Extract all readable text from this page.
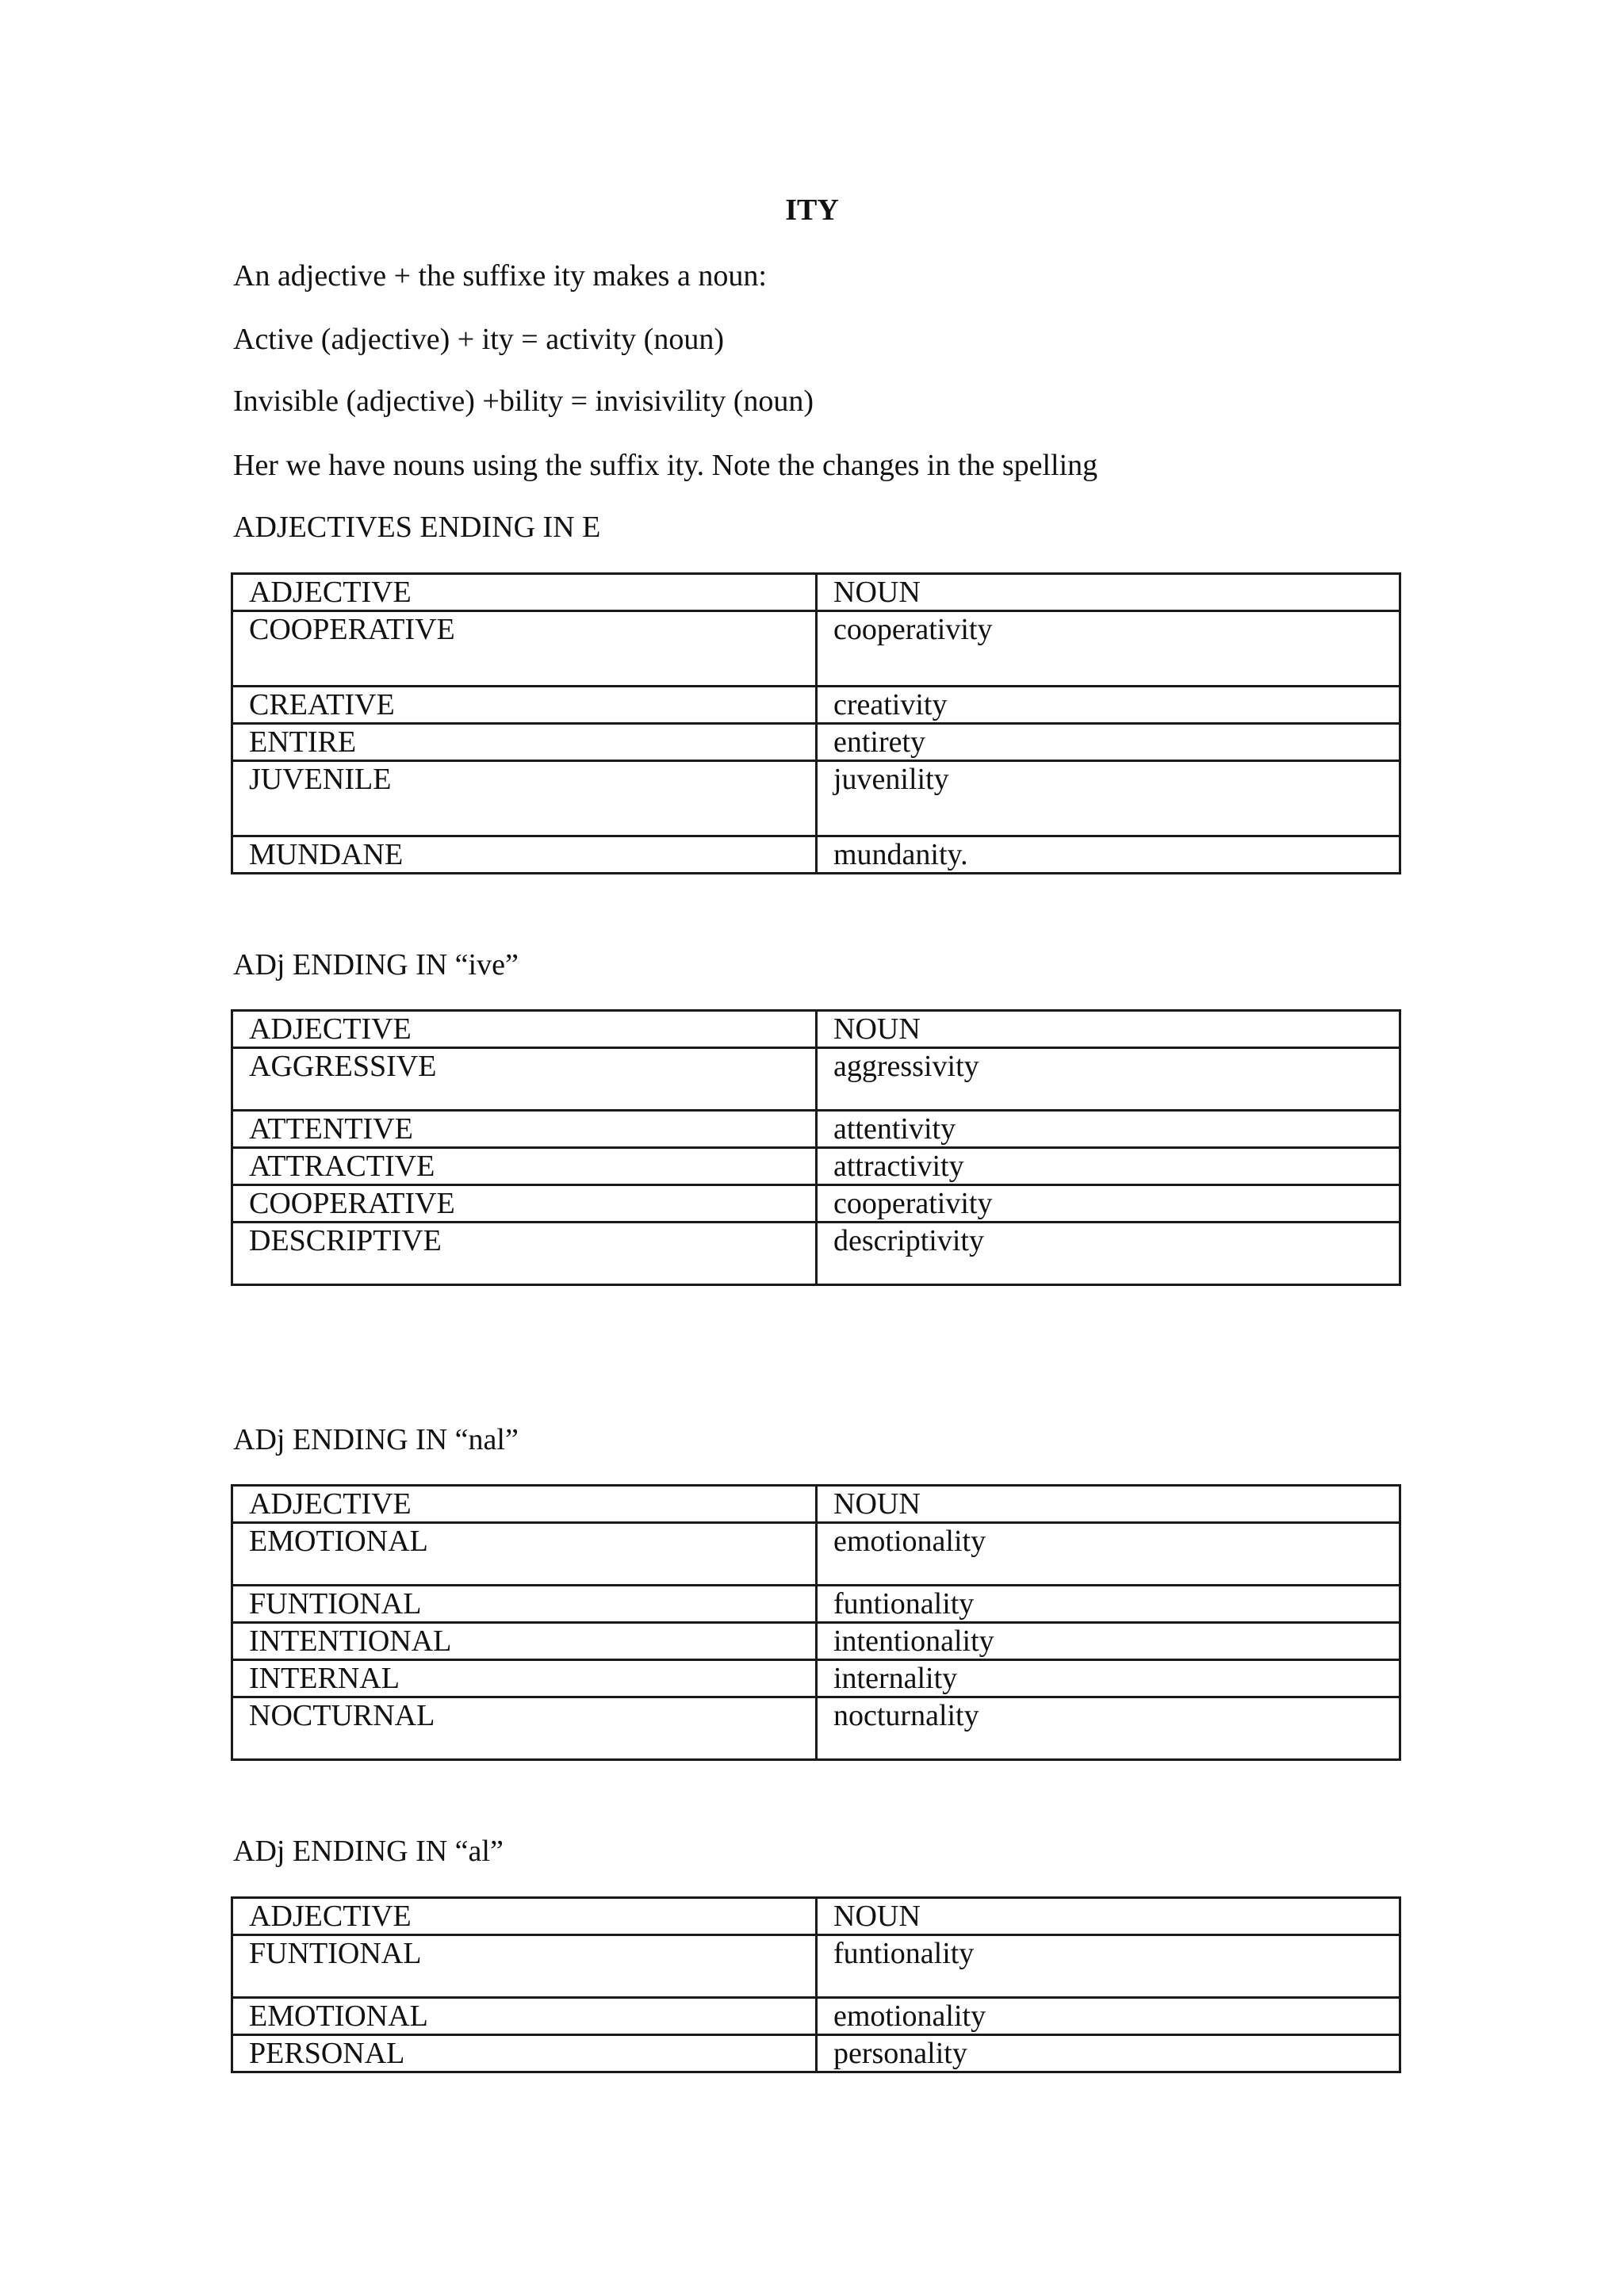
ITY
An adjective + the suffixe ity makes a noun:
Active (adjective) + ity = activity (noun)
Invisible (adjective) +bility = invisivility (noun)
Her we have nouns using the suffix ity. Note the changes in the spelling
ADJECTIVES ENDING IN E
ADJECTIVE	NOUN
COOPERATIVE	cooperativity
CREATIVE	creativity
ENTIRE	entirety
JUVENILE	juvenility
MUNDANE	mundanity.
ADj ENDING IN “ive”
ADJECTIVE	NOUN
AGGRESSIVE	aggressivity
ATTENTIVE	attentivity
ATTRACTIVE	attractivity
COOPERATIVE	cooperativity
DESCRIPTIVE	descriptivity
ADj ENDING IN “nal”
ADJECTIVE	NOUN
EMOTIONAL	emotionality
FUNTIONAL	funtionality
INTENTIONAL	intentionality
INTERNAL	internality
NOCTURNAL	nocturnality
ADj ENDING IN “al”
ADJECTIVE	NOUN
FUNTIONAL	funtionality
EMOTIONAL	emotionality
PERSONAL	personality
